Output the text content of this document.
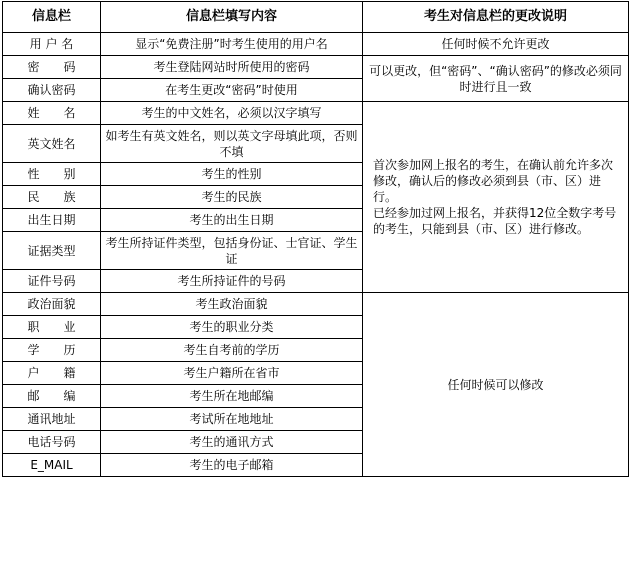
信息栏	信息栏填写内容	考生对信息栏的更改说明
用 户 名	显示“免费注册”时考生使用的用户名	任何时候不允许更改
密　　码	考生登陆网站时所使用的密码	可以更改，但“密码”、“确认密码”的修改必须同时进行且一致
确认密码	在考生更改“密码”时使用	
姓　　名	考生的中文姓名，必须以汉字填写	首次参加网上报名的考生，在确认前允许多次修改，确认后的修改必须到县（市、区）进行。
已经参加过网上报名，并获得12位全数字考号的考生，只能到县（市、区）进行修改。

英文姓名	如考生有英文姓名，则以英文字母填此项，否则不填	
性　　别	考生的性别	
民　　族	考生的民族	
出生日期	考生的出生日期	
证据类型	考生所持证件类型，包括身份证、士官证、学生证	
证件号码	考生所持证件的号码	
政治面貌	考生政治面貌	任何时候可以修改
职　　业	考生的职业分类	
学　　历	考生自考前的学历	
户　　籍	考生户籍所在省市	
邮　　编	考生所在地邮编	
通讯地址	考试所在地地址	
电话号码	考生的通讯方式	
E_MAIL	考生的电子邮箱	
